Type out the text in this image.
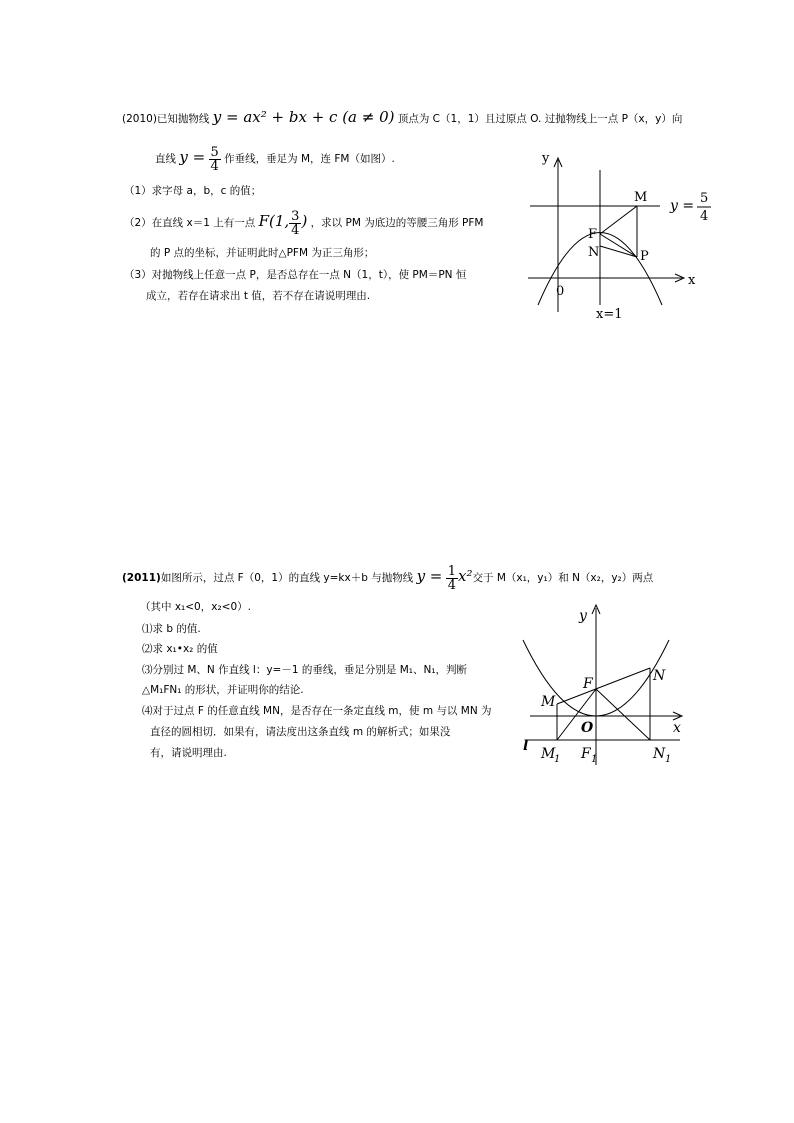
(2010)已知抛物线 y = ax² + bx + c (a ≠ 0) 顶点为 C（1，1）且过原点 O. 过抛物线上一点 P（x，y）向
直线 $y = \frac{5}{4}$ 作垂线，垂足为 M，连 FM（如图）.
（1）求字母 a，b，c 的值；
（2）在直线 x＝1 上有一点 F(1, $\frac{3}{4}$ ) ，求以 PM 为底边的等腰三角形 PFM
的 P 点的坐标，并证明此时△PFM 为正三角形；
（3）对抛物线上任意一点 P，是否总存在一点 N（1，t），使 PM＝PN 恒
成立，若存在请求出 t 值，若不存在请说明理由.
y
x
0
M
F
N	P
x=1
y = 5
4
(2011)如图所示，过点 F（0，1）的直线 y=kx＋b 与抛物线 $y = \frac{1}{4} x^2$交于 M（x₁，y₁）和 N（x₂，y₂）两点
（其中 x₁<0，x₂<0）.
⑴求 b 的值.
⑵求 x₁•x₂ 的值
⑶分别过 M、N 作直线 l：y=－1 的垂线，垂足分别是 M₁、N₁，判断
△M₁FN₁ 的形状，并证明你的结论.
⑷对于过点 F 的任意直线 MN，是否存在一条定直线 m，使 m 与以 MN 为
直径的圆相切．如果有，请法度出这条直线 m 的解析式；如果没
有，请说明理由.
y
x
O
F
M
N
l M
1 F 1	N 1
